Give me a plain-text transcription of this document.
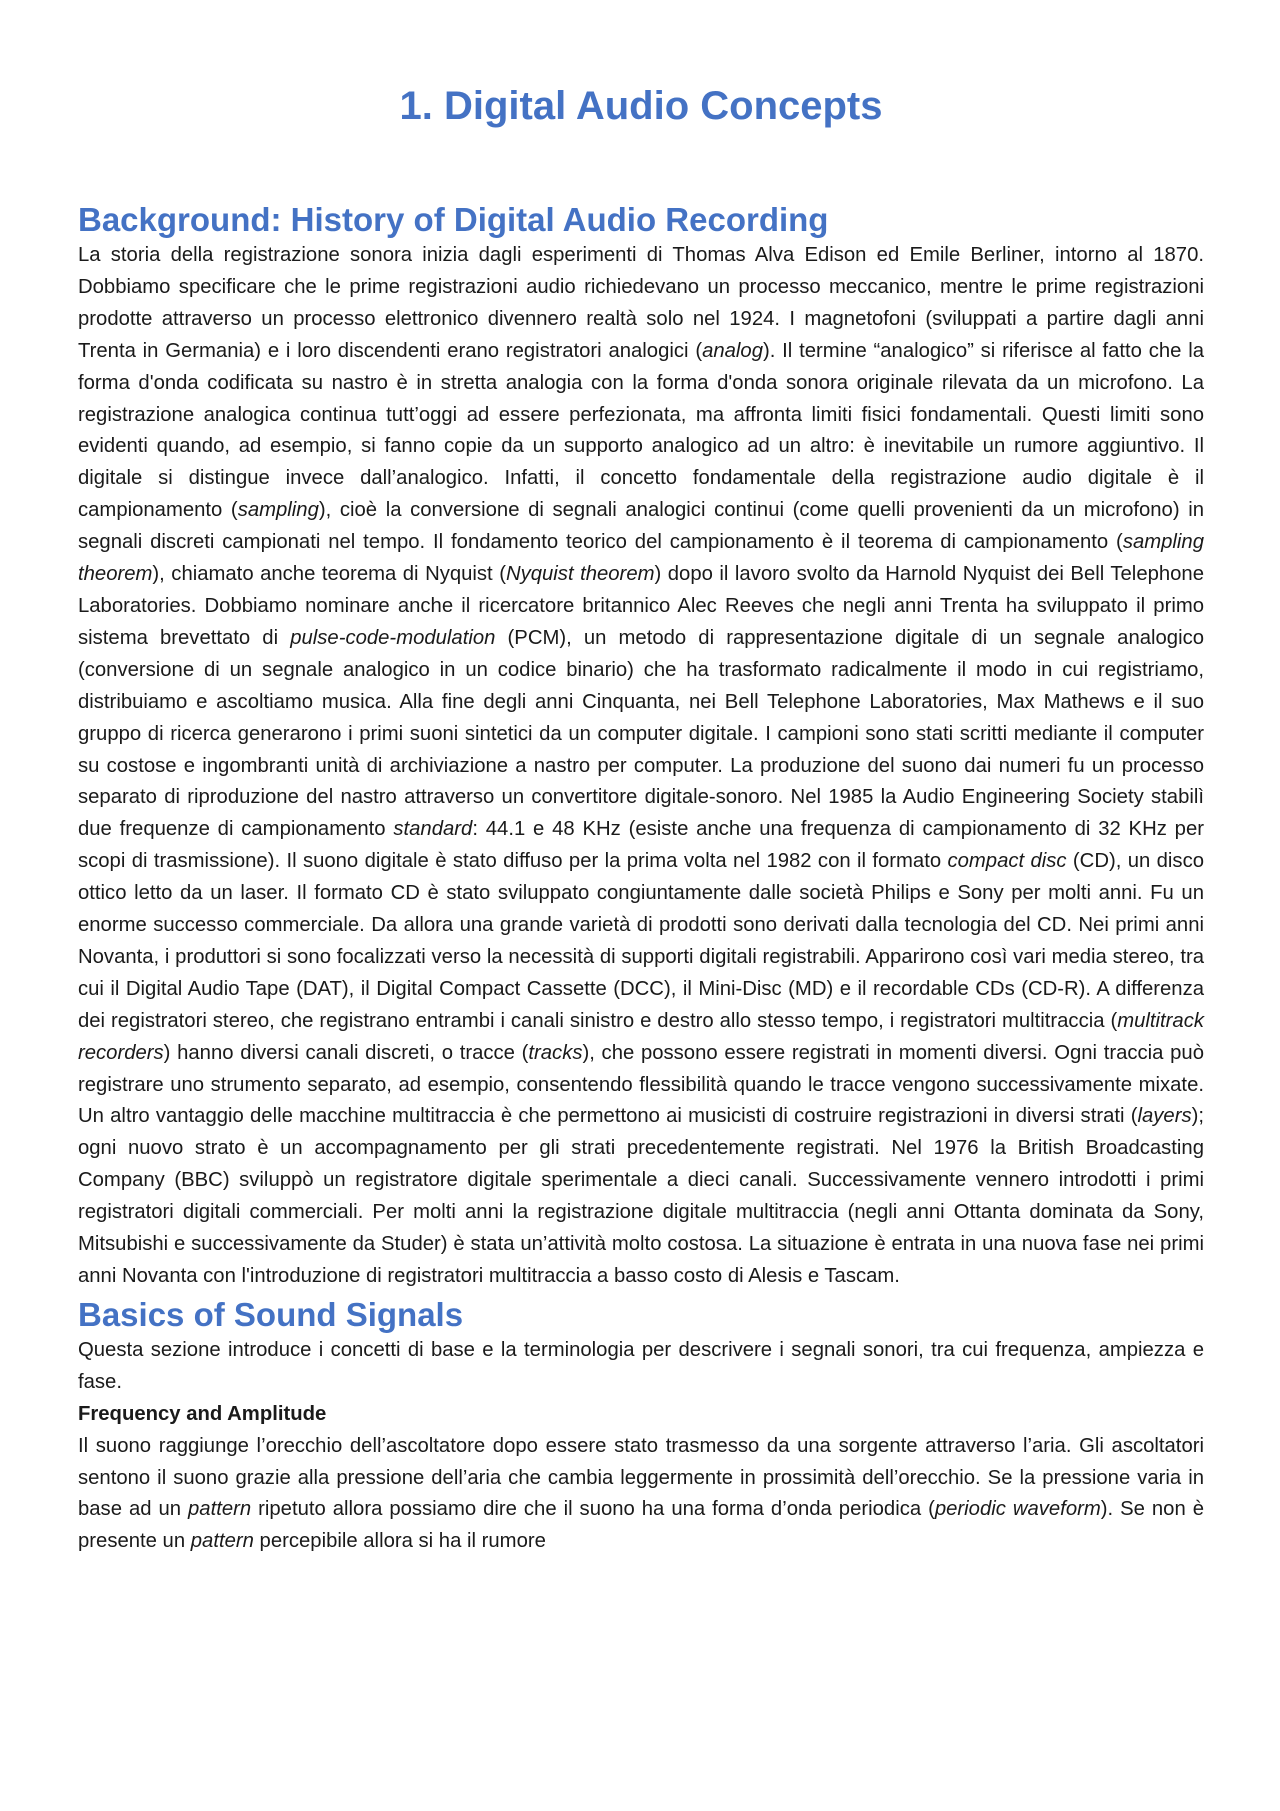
1. Digital Audio Concepts
Background: History of Digital Audio Recording

La storia della registrazione sonora inizia dagli esperimenti di Thomas Alva Edison ed Emile Berliner, intorno al 1870. Dobbiamo specificare che le prime registrazioni audio richiedevano un processo meccanico, mentre le prime registrazioni prodotte attraverso un processo elettronico divennero realtà solo nel 1924. I magnetofoni (sviluppati a partire dagli anni Trenta in Germania) e i loro discendenti erano registratori analogici (analog). Il termine “analogico” si riferisce al fatto che la forma d'onda codificata su nastro è in stretta analogia con la forma d'onda sonora originale rilevata da un microfono. La registrazione analogica continua tutt’oggi ad essere perfezionata, ma affronta limiti fisici fondamentali. Questi limiti sono evidenti quando, ad esempio, si fanno copie da un supporto analogico ad un altro: è inevitabile un rumore aggiuntivo. Il digitale si distingue invece dall’analogico. Infatti, il concetto fondamentale della registrazione audio digitale è il campionamento (sampling), cioè la conversione di segnali analogici continui (come quelli provenienti da un microfono) in segnali discreti campionati nel tempo. Il fondamento teorico del campionamento è il teorema di campionamento (sampling theorem), chiamato anche teorema di Nyquist (Nyquist theorem) dopo il lavoro svolto da Harnold Nyquist dei Bell Telephone Laboratories. Dobbiamo nominare anche il ricercatore britannico Alec Reeves che negli anni Trenta ha sviluppato il primo sistema brevettato di pulse-code-modulation (PCM), un metodo di rappresentazione digitale di un segnale analogico (conversione di un segnale analogico in un codice binario) che ha trasformato radicalmente il modo in cui registriamo, distribuiamo e ascoltiamo musica. Alla fine degli anni Cinquanta, nei Bell Telephone Laboratories, Max Mathews e il suo gruppo di ricerca generarono i primi suoni sintetici da un computer digitale. I campioni sono stati scritti mediante il computer su costose e ingombranti unità di archiviazione a nastro per computer. La produzione del suono dai numeri fu un processo separato di riproduzione del nastro attraverso un convertitore digitale-sonoro. Nel 1985 la Audio Engineering Society stabilì due frequenze di campionamento standard: 44.1 e 48 KHz (esiste anche una frequenza di campionamento di 32 KHz per scopi di trasmissione). Il suono digitale è stato diffuso per la prima volta nel 1982 con il formato compact disc (CD), un disco ottico letto da un laser. Il formato CD è stato sviluppato congiuntamente dalle società Philips e Sony per molti anni. Fu un enorme successo commerciale. Da allora una grande varietà di prodotti sono derivati dalla tecnologia del CD. Nei primi anni Novanta, i produttori si sono focalizzati verso la necessità di supporti digitali registrabili. Apparirono così vari media stereo, tra cui il Digital Audio Tape (DAT), il Digital Compact Cassette (DCC), il Mini-Disc (MD) e il recordable CDs (CD-R). A differenza dei registratori stereo, che registrano entrambi i canali sinistro e destro allo stesso tempo, i registratori multitraccia (multitrack recorders) hanno diversi canali discreti, o tracce (tracks), che possono essere registrati in momenti diversi. Ogni traccia può registrare uno strumento separato, ad esempio, consentendo flessibilità quando le tracce vengono successivamente mixate. Un altro vantaggio delle macchine multitraccia è che permettono ai musicisti di costruire registrazioni in diversi strati (layers); ogni nuovo strato è un accompagnamento per gli strati precedentemente registrati. Nel 1976 la British Broadcasting Company (BBC) sviluppò un registratore digitale sperimentale a dieci canali. Successivamente vennero introdotti i primi registratori digitali commerciali. Per molti anni la registrazione digitale multitraccia (negli anni Ottanta dominata da Sony, Mitsubishi e successivamente da Studer) è stata un’attività molto costosa. La situazione è entrata in una nuova fase nei primi anni Novanta con l'introduzione di registratori multitraccia a basso costo di Alesis e Tascam.

Basics of Sound Signals

Questa sezione introduce i concetti di base e la terminologia per descrivere i segnali sonori, tra cui frequenza, ampiezza e fase.

Frequency and Amplitude

Il suono raggiunge l’orecchio dell’ascoltatore dopo essere stato trasmesso da una sorgente attraverso l’aria. Gli ascoltatori sentono il suono grazie alla pressione dell’aria che cambia leggermente in prossimità dell’orecchio. Se la pressione varia in base ad un pattern ripetuto allora possiamo dire che il suono ha una forma d’onda periodica (periodic waveform). Se non è presente un pattern percepibile allora si ha il rumore
